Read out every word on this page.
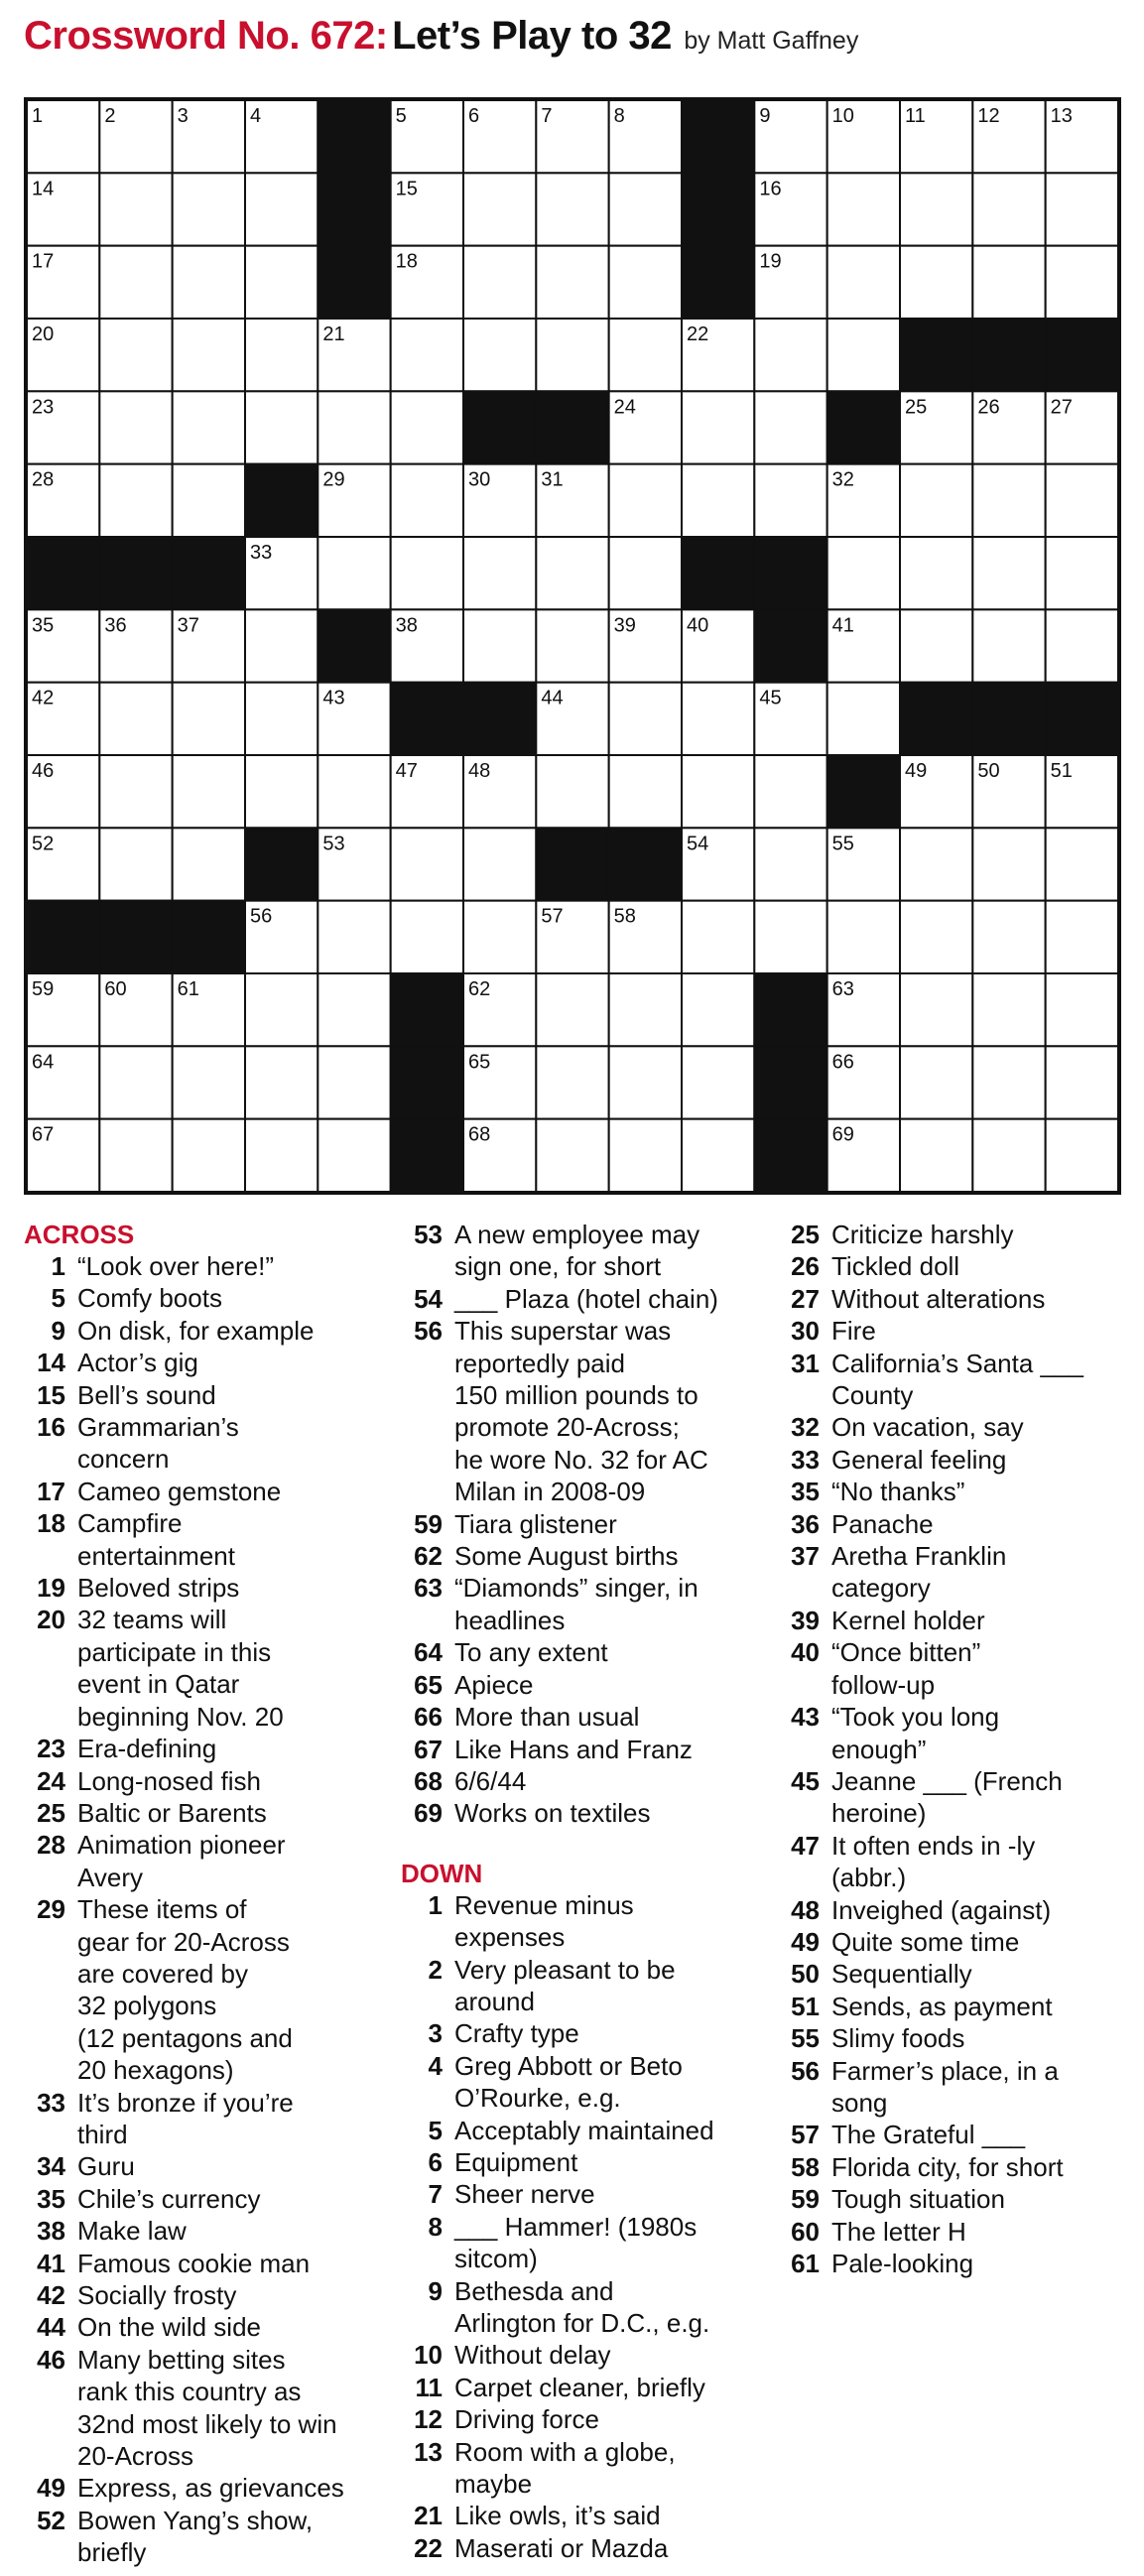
Crossword No. 672: Let’s Play to 32 by Matt Gaffney
1	2	3	4	5	6	7	8	9	10	11	12	13
14	15	16
17	18	19
20	21	22
23	24	25	26	27
28	29	30	31	32
33
35	36	37	38	39	40	41
42	43	44	45
46	47	48	49	50	51
52	53	54	55
56	57	58
59	60	61	62	63
64	65	66
67	68	69
ACROSS
1 “Look over here!”
5 Comfy boots
9 On disk, for example
14 Actor’s gig
15 Bell’s sound
16 Grammarian’s
concern
17 Cameo gemstone
18 Campfire
entertainment
19 Beloved strips
20 32 teams will
participate in this
event in Qatar
beginning Nov. 20
23 Era-defining
24 Long-nosed fish
25 Baltic or Barents
28 Animation pioneer
Avery
29 These items of
gear for 20-Across
are covered by
32 polygons
(12 pentagons and
20 hexagons)
33 It’s bronze if you’re
third
34 Guru
35 Chile’s currency
38 Make law
41 Famous cookie man
42 Socially frosty
44 On the wild side
46 Many betting sites
rank this country as
32nd most likely to win
20-Across
49 Express, as grievances
52 Bowen Yang’s show,
briefly
53 A new employee may
sign one, for short
54 ___ Plaza (hotel chain)
56 This superstar was
reportedly paid
150 million pounds to
promote 20-Across;
he wore No. 32 for AC
Milan in 2008-09
59 Tiara glistener
62 Some August births
63 “Diamonds” singer, in
headlines
64 To any extent
65 Apiece
66 More than usual
67 Like Hans and Franz
68 6/6/44
69 Works on textiles
DOWN
1 Revenue minus
expenses
2 Very pleasant to be
around
3 Crafty type
4 Greg Abbott or Beto
O’Rourke, e.g.
5 Acceptably maintained
6 Equipment
7 Sheer nerve
8 ___ Hammer! (1980s
sitcom)
9 Bethesda and
Arlington for D.C., e.g.
10 Without delay
11 Carpet cleaner, briefly
12 Driving force
13 Room with a globe,
maybe
21 Like owls, it’s said
22 Maserati or Mazda
25 Criticize harshly
26 Tickled doll
27 Without alterations
30 Fire
31 California’s Santa ___
County
32 On vacation, say
33 General feeling
35 “No thanks”
36 Panache
37 Aretha Franklin
category
39 Kernel holder
40 “Once bitten”
follow-up
43 “Took you long
enough”
45 Jeanne ___ (French
heroine)
47 It often ends in -ly
(abbr.)
48 Inveighed (against)
49 Quite some time
50 Sequentially
51 Sends, as payment
55 Slimy foods
56 Farmer’s place, in a
song
57 The Grateful ___
58 Florida city, for short
59 Tough situation
60 The letter H
61 Pale-looking
